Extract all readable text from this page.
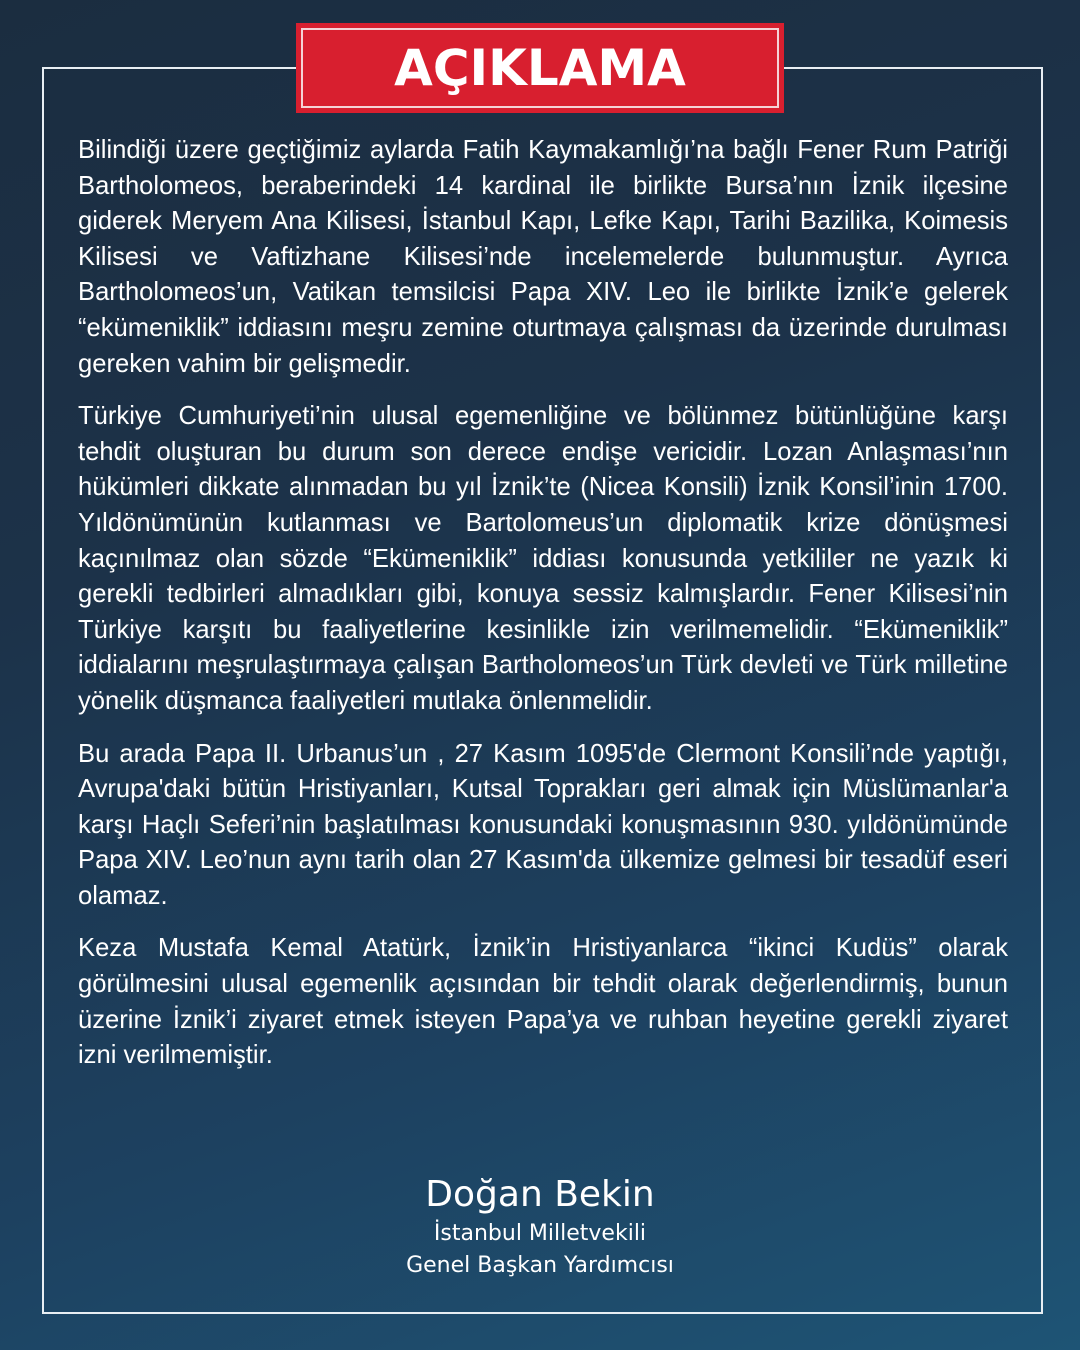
AÇIKLAMA

Bilindiği üzere geçtiğimiz aylarda Fatih Kaymakamlığı’na bağlı Fener Rum Patriği Bartholomeos, beraberindeki 14 kardinal ile birlikte Bursa’nın İznik ilçesine giderek Meryem Ana Kilisesi, İstanbul Kapı, Lefke Kapı, Tarihi Bazilika, Koimesis Kilisesi ve Vaftizhane Kilisesi’nde incelemelerde bulunmuştur. Ayrıca Bartholomeos’un, Vatikan temsilcisi Papa XIV. Leo ile birlikte İznik’e gelerek “ekümeniklik” iddiasını meşru zemine oturtmaya çalışması da üzerinde durulması gereken vahim bir gelişmedir.

Türkiye Cumhuriyeti’nin ulusal egemenliğine ve bölünmez bütünlüğüne karşı tehdit oluşturan bu durum son derece endişe vericidir. Lozan Anlaşması’nın hükümleri dikkate alınmadan bu yıl İznik’te (Nicea Konsili) İznik Konsil’inin 1700. Yıldönümünün kutlanması ve Bartolomeus’un diplomatik krize dönüşmesi kaçınılmaz olan sözde “Ekümeniklik” iddiası konusunda yetkililer ne yazık ki gerekli tedbirleri almadıkları gibi, konuya sessiz kalmışlardır. Fener Kilisesi’nin Türkiye karşıtı bu faaliyetlerine kesinlikle izin verilmemelidir. “Ekümeniklik” iddialarını meşrulaştırmaya çalışan Bartholomeos’un Türk devleti ve Türk milletine yönelik düşmanca faaliyetleri mutlaka önlenmelidir.

Bu arada Papa II. Urbanus’un , 27 Kasım 1095'de Clermont Konsili’nde yaptığı, Avrupa'daki bütün Hristiyanları, Kutsal Toprakları geri almak için Müslümanlar'a karşı Haçlı Seferi’nin başlatılması konusundaki konuşmasının 930. yıldönümünde Papa XIV. Leo’nun aynı tarih olan 27 Kasım'da ülkemize gelmesi bir tesadüf eseri olamaz.

Keza Mustafa Kemal Atatürk, İznik’in Hristiyanlarca “ikinci Kudüs” olarak görülmesini ulusal egemenlik açısından bir tehdit olarak değerlendirmiş, bunun üzerine İznik’i ziyaret etmek isteyen Papa’ya ve ruhban heyetine gerekli ziyaret izni verilmemiştir.

Doğan Bekin
İstanbul Milletvekili
Genel Başkan Yardımcısı
